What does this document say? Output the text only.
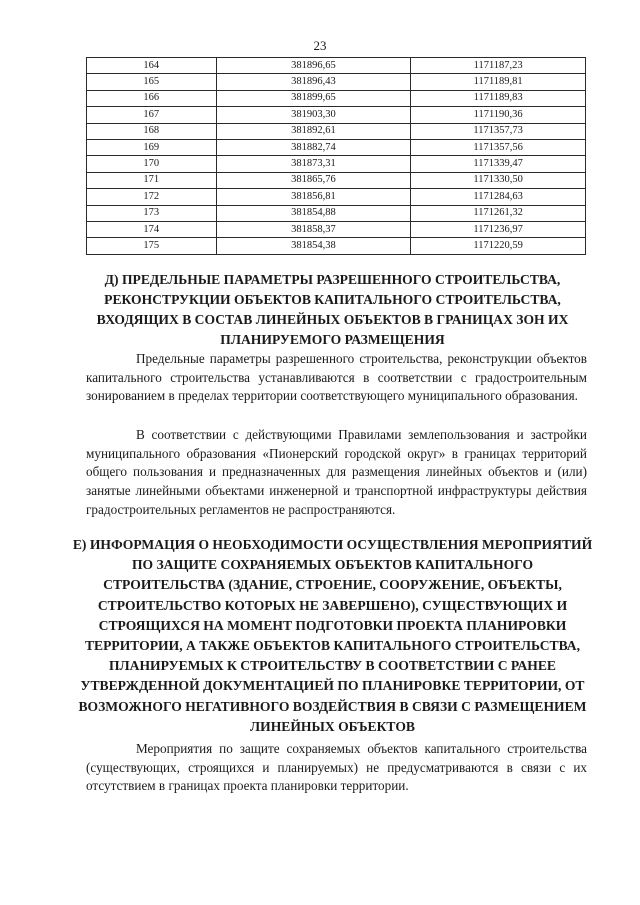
23
164	381896,65	1171187,23
165	381896,43	1171189,81
166	381899,65	1171189,83
167	381903,30	1171190,36
168	381892,61	1171357,73
169	381882,74	1171357,56
170	381873,31	1171339,47
171	381865,76	1171330,50
172	381856,81	1171284,63
173	381854,88	1171261,32
174	381858,37	1171236,97
175	381854,38	1171220,59
Д) ПРЕДЕЛЬНЫЕ ПАРАМЕТРЫ РАЗРЕШЕННОГО СТРОИТЕЛЬСТВА, РЕКОНСТРУКЦИИ ОБЪЕКТОВ КАПИТАЛЬНОГО СТРОИТЕЛЬСТВА, ВХОДЯЩИХ В СОСТАВ ЛИНЕЙНЫХ ОБЪЕКТОВ В ГРАНИЦАХ ЗОН ИХ ПЛАНИРУЕМОГО РАЗМЕЩЕНИЯ

Предельные параметры разрешенного строительства, реконструкции объектов капитального строительства устанавливаются в соответствии с градостроительным зонированием в пределах территории соответствующего муниципального образования.

В соответствии с действующими Правилами землепользования и застройки муниципального образования «Пионерский городской округ» в границах территорий общего пользования и предназначенных для размещения линейных объектов и (или) занятые линейными объектами инженерной и транспортной инфраструктуры действия градостроительных регламентов не распространяются.

Е) ИНФОРМАЦИЯ О НЕОБХОДИМОСТИ ОСУЩЕСТВЛЕНИЯ МЕРОПРИЯТИЙ ПО ЗАЩИТЕ СОХРАНЯЕМЫХ ОБЪЕКТОВ КАПИТАЛЬНОГО СТРОИТЕЛЬСТВА (ЗДАНИЕ, СТРОЕНИЕ, СООРУЖЕНИЕ, ОБЪЕКТЫ, СТРОИТЕЛЬСТВО КОТОРЫХ НЕ ЗАВЕРШЕНО), СУЩЕСТВУЮЩИХ И СТРОЯЩИХСЯ НА МОМЕНТ ПОДГОТОВКИ ПРОЕКТА ПЛАНИРОВКИ ТЕРРИТОРИИ, А ТАКЖЕ ОБЪЕКТОВ КАПИТАЛЬНОГО СТРОИТЕЛЬСТВА, ПЛАНИРУЕМЫХ К СТРОИТЕЛЬСТВУ В СООТВЕТСТВИИ С РАНЕЕ УТВЕРЖДЕННОЙ ДОКУМЕНТАЦИЕЙ ПО ПЛАНИРОВКЕ ТЕРРИТОРИИ, ОТ ВОЗМОЖНОГО НЕГАТИВНОГО ВОЗДЕЙСТВИЯ В СВЯЗИ С РАЗМЕЩЕНИЕМ ЛИНЕЙНЫХ ОБЪЕКТОВ

Мероприятия по защите сохраняемых объектов капитального строительства (существующих, строящихся и планируемых) не предусматриваются в связи с их отсутствием в границах проекта планировки территории.
